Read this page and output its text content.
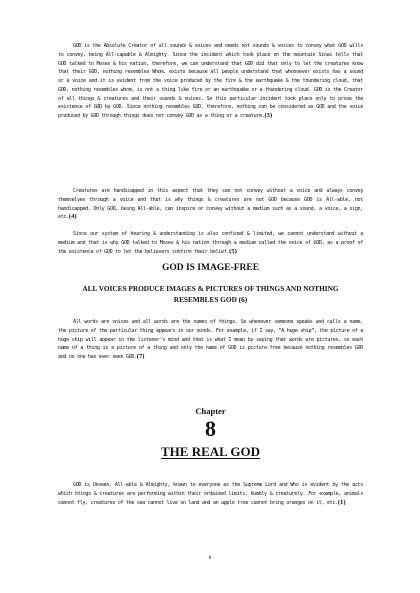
GOD is the Absolute Creator of all sounds & voices and needs not sounds & voices to convey what GOD wills to convey, being All-capable & Almighty. Since the incident which took place on the mountain Sinai tells that GOD talked to Moses & his nation, therefore, we can understand that GOD did that only to let the creatures know that their GOD, nothing resembles Whom, exists because all people understand that whosoever exists has a sound or a voice and it is evident from the voice produced by the fire & the earthquake & the thundering cloud, that GOD, nothing resembles whom, is not a thing like fire or an earthquake or a thundering cloud. GOD is the Creator of all things & creatures and their sounds & voices. So this particular incident took place only to prove the existence of GOD by GOD. Since nothing resembles GOD, therefore, nothing can be considered as GOD and the voice produced by GOD through things does not convey GOD as a thing or a creature.(3)

Creatures are handicapped in this aspect that they can not convey without a voice and always convey themselves through a voice and that is why things & creatures are not GOD because GOD is All-able, not handicapped. Only GOD, being All-able, can inspire or convey without a medium such as a sound, a voice, a sign, etc.(4)

Since our system of hearing & understanding is also confined & limited, we cannot understand without a medium and that is why GOD talked to Moses & his nation through a medium called the voice of GOD, as a proof of the existence of GOD to let the believers confirm their belief.(5)

GOD IS IMAGE-FREE
ALL VOICES PRODUCE IMAGES & PICTURES OF THINGS AND NOTHING
RESEMBLES GOD (6)

All words are voices and all words are the names of things. So whenever someone speaks and calls a name, the picture of the particular thing appears in our minds. For example, if I say, “A huge ship”, the picture of a huge ship will appear in the listener’s mind and that is what I mean by saying that words are pictures, so each name of a thing is a picture of a thing and only the name of GOD is picture-free because nothing resembles GOD and no one has ever seen GOD.(7)

Chapter
8
THE REAL GOD

GOD is Unseen, All-able & Almighty, known to everyone as the Supreme Lord and Who is evident by the acts which things & creatures are performing within their ordained limits, humbly & creaturely. For example, animals cannot fly, creatures of the sea cannot live on land and an apple tree cannot bring oranges on it, etc.(1)

8
